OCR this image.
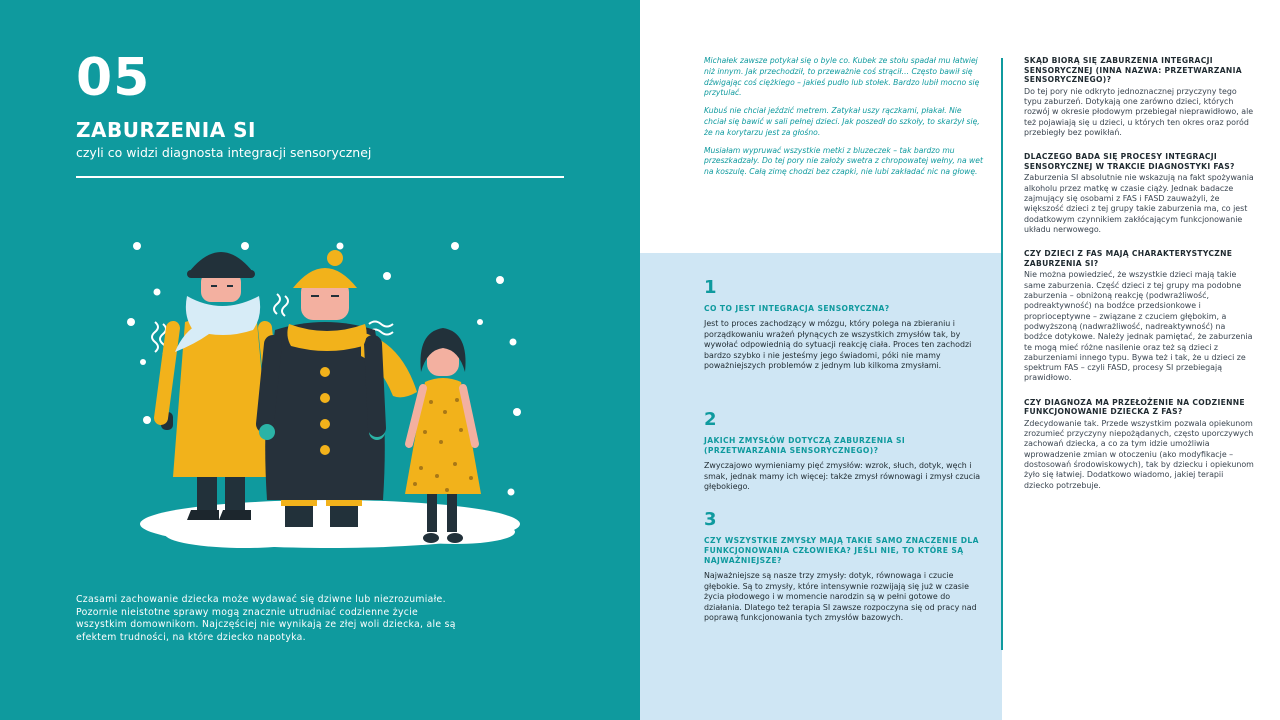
05
ZABURZENIA SI

czyli co widzi diagnosta integracji sensorycznej

Czasami zachowanie dziecka może wydawać się dziwne lub niezrozumiałe. Pozornie nieistotne sprawy mogą znacznie utrudniać codzienne życie wszystkim domownikom. Najczęściej nie wynikają ze złej woli dziecka, ale są efektem trudności, na które dziecko napotyka.

Michałek zawsze potykał się o byle co. Kubek ze stołu spadał mu łatwiej niż innym. Jak przechodził, to przeważnie coś strącił… Często bawił się dźwigając coś ciężkiego – jakieś pudło lub stołek. Bardzo lubił mocno się przytulać.

Kubuś nie chciał jeździć metrem. Zatykał uszy rączkami, płakał. Nie chciał się bawić w sali pełnej dzieci. Jak poszedł do szkoły, to skarżył się, że na korytarzu jest za głośno.

Musiałam wypruwać wszystkie metki z bluzeczek – tak bardzo mu przeszkadzały. Do tej pory nie założy swetra z chropowatej wełny, na wet na koszulę. Całą zimę chodzi bez czapki, nie lubi zakładać nic na głowę.

1

CO TO JEST INTEGRACJA SENSORYCZNA?

Jest to proces zachodzący w mózgu, który polega na zbieraniu i porządkowaniu wrażeń płynących ze wszystkich zmysłów tak, by wywołać odpowiednią do sytuacji reakcję ciała. Proces ten zachodzi bardzo szybko i nie jesteśmy jego świadomi, póki nie mamy poważniejszych problemów z jednym lub kilkoma zmysłami.

2

JAKICH ZMYSŁÓW DOTYCZĄ ZABURZENIA SI (PRZETWARZANIA SENSORYCZNEGO)?

Zwyczajowo wymieniamy pięć zmysłów: wzrok, słuch, dotyk, węch i smak, jednak mamy ich więcej: także zmysł równowagi i zmysł czucia głębokiego.

3

CZY WSZYSTKIE ZMYSŁY MAJĄ TAKIE SAMO ZNACZENIE DLA FUNKCJONOWANIA CZŁOWIEKA? JEŚLI NIE, TO KTÓRE SĄ NAJWAŻNIEJSZE?

Najważniejsze są nasze trzy zmysły: dotyk, równowaga i czucie głębokie. Są to zmysły, które intensywnie rozwijają się już w czasie życia płodowego i w momencie narodzin są w pełni gotowe do działania. Dlatego też terapia SI zawsze rozpoczyna się od pracy nad poprawą funkcjonowania tych zmysłów bazowych.

SKĄD BIORĄ SIĘ ZABURZENIA INTEGRACJI SENSORYCZNEJ (INNA NAZWA: PRZETWARZANIA SENSORYCZNEGO)?

Do tej pory nie odkryto jednoznacznej przyczyny tego typu zaburzeń. Dotykają one zarówno dzieci, których rozwój w okresie płodowym przebiegał nieprawidłowo, ale też pojawiają się u dzieci, u których ten okres oraz poród przebiegły bez powikłań.

DLACZEGO BADA SIĘ PROCESY INTEGRACJI SENSORYCZNEJ W TRAKCIE DIAGNOSTYKI FAS?

Zaburzenia SI absolutnie nie wskazują na fakt spożywania alkoholu przez matkę w czasie ciąży. Jednak badacze zajmujący się osobami z FAS i FASD zauważyli, że większość dzieci z tej grupy takie zaburzenia ma, co jest dodatkowym czynnikiem zakłócającym funkcjonowanie układu nerwowego.

CZY DZIECI Z FAS MAJĄ CHARAKTERYSTYCZNE ZABURZENIA SI?

Nie można powiedzieć, że wszystkie dzieci mają takie same zaburzenia. Część dzieci z tej grupy ma podobne zaburzenia – obniżoną reakcję (podwrażliwość, podreaktywność) na bodźce przedsionkowe i proprioceptywne – związane z czuciem głębokim, a podwyższoną (nadwrażliwość, nadreaktywność) na bodźce dotykowe. Należy jednak pamiętać, że zaburzenia te mogą mieć różne nasilenie oraz też są dzieci z zaburzeniami innego typu. Bywa też i tak, że u dzieci ze spektrum FAS – czyli FASD, procesy SI przebiegają prawidłowo.

CZY DIAGNOZA MA PRZEŁOŻENIE NA CODZIENNE FUNKCJONOWANIE DZIECKA Z FAS?

Zdecydowanie tak. Przede wszystkim pozwala opiekunom zrozumieć przyczyny niepożądanych, często uporczywych zachowań dziecka, a co za tym idzie umożliwia wprowadzenie zmian w otoczeniu (ako modyfikacje – dostosowań środowiskowych), tak by dziecku i opiekunom żyło się łatwiej. Dodatkowo wiadomo, jakiej terapii dziecko potrzebuje.
